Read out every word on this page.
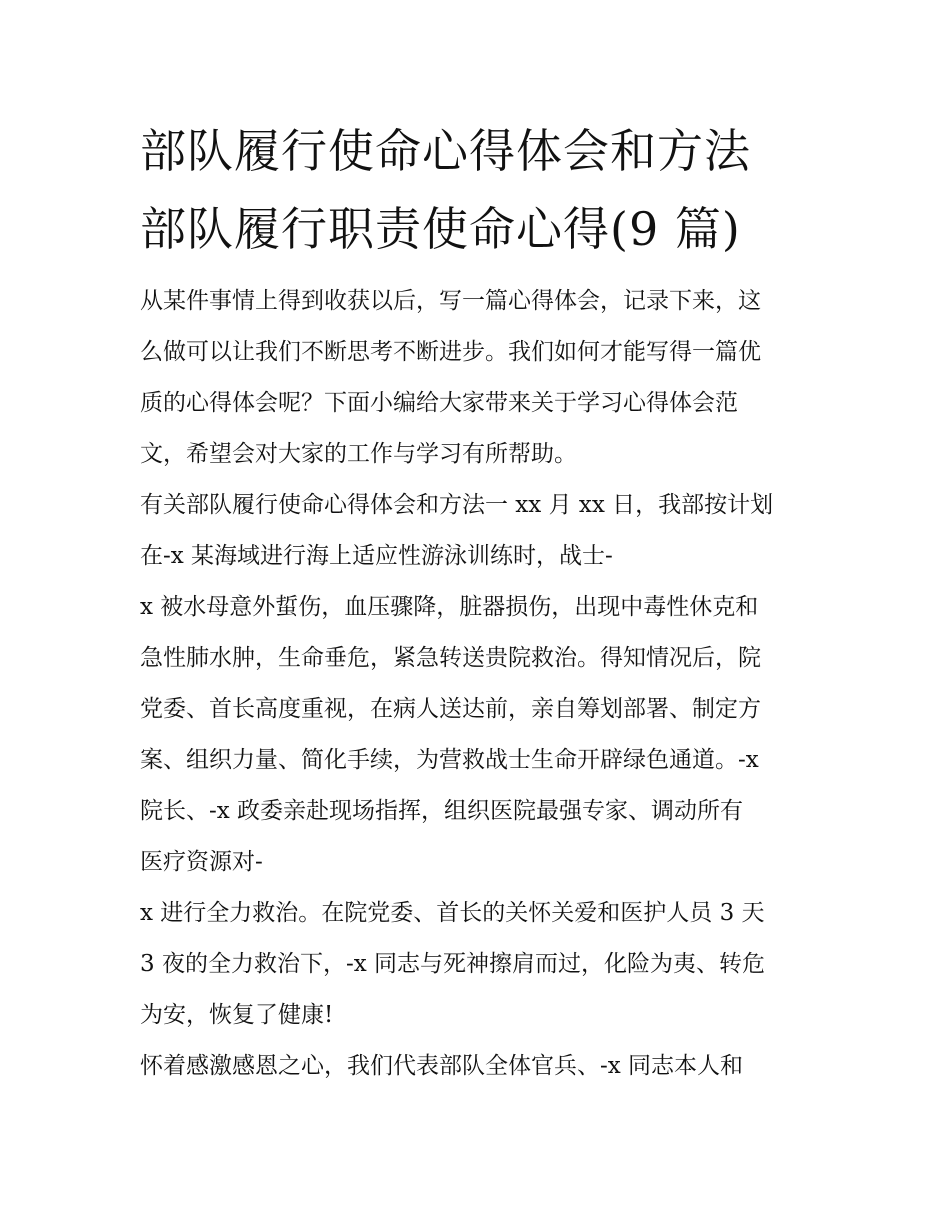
部队履行使命心得体会和方法
部队履行职责使命心得(9 篇)
从某件事情上得到收获以后，写一篇心得体会，记录下来，这
么做可以让我们不断思考不断进步。我们如何才能写得一篇优
质的心得体会呢？下面小编给大家带来关于学习心得体会范
文，希望会对大家的工作与学习有所帮助。
有关部队履行使命心得体会和方法一 xx 月 xx 日，我部按计划
在-x 某海域进行海上适应性游泳训练时，战士-
x 被水母意外蜇伤，血压骤降，脏器损伤，出现中毒性休克和
急性肺水肿，生命垂危，紧急转送贵院救治。得知情况后，院
党委、首长高度重视，在病人送达前，亲自筹划部署、制定方
案、组织力量、简化手续，为营救战士生命开辟绿色通道。-x
院长、-x 政委亲赴现场指挥，组织医院最强专家、调动所有
医疗资源对-
x 进行全力救治。在院党委、首长的关怀关爱和医护人员 3 天
3 夜的全力救治下，-x 同志与死神擦肩而过，化险为夷、转危
为安，恢复了健康!
怀着感激感恩之心，我们代表部队全体官兵、-x 同志本人和
